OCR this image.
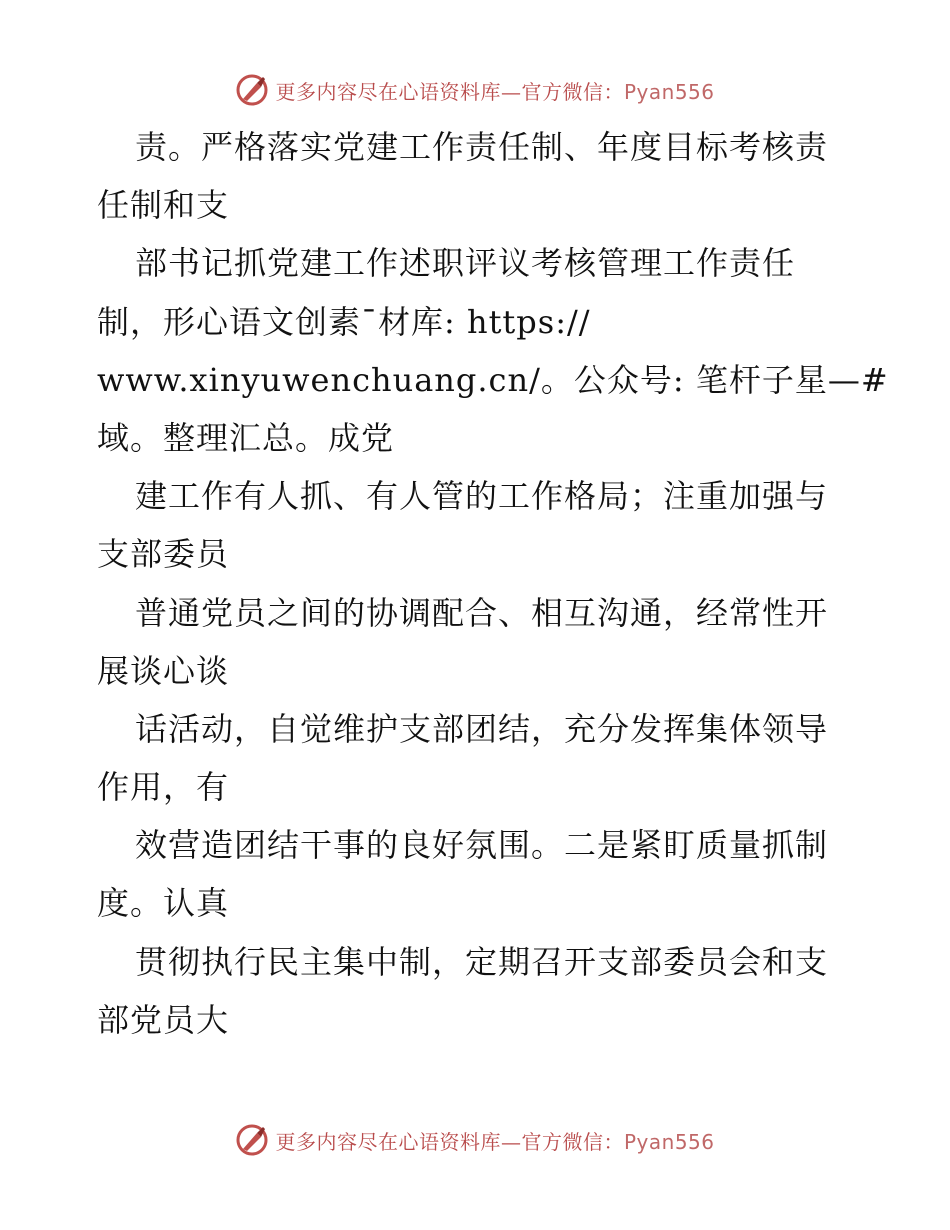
更多内容尽在心语资料库—官方微信：Pyan556
责。严格落实党建工作责任制、年度目标考核责
任制和支
部书记抓党建工作述职评议考核管理工作责任
制，形心语文创素¯材库: https://
www.xinyuwenchuang.cn/。公众号: 笔杆子星—#
域。整理汇总。成党
建工作有人抓、有人管的工作格局；注重加强与
支部委员
普通党员之间的协调配合、相互沟通，经常性开
展谈心谈
话活动，自觉维护支部团结，充分发挥集体领导
作用，有
效营造团结干事的良好氛围。二是紧盯质量抓制
度。认真
贯彻执行民主集中制，定期召开支部委员会和支
部党员大
更多内容尽在心语资料库—官方微信：Pyan556
